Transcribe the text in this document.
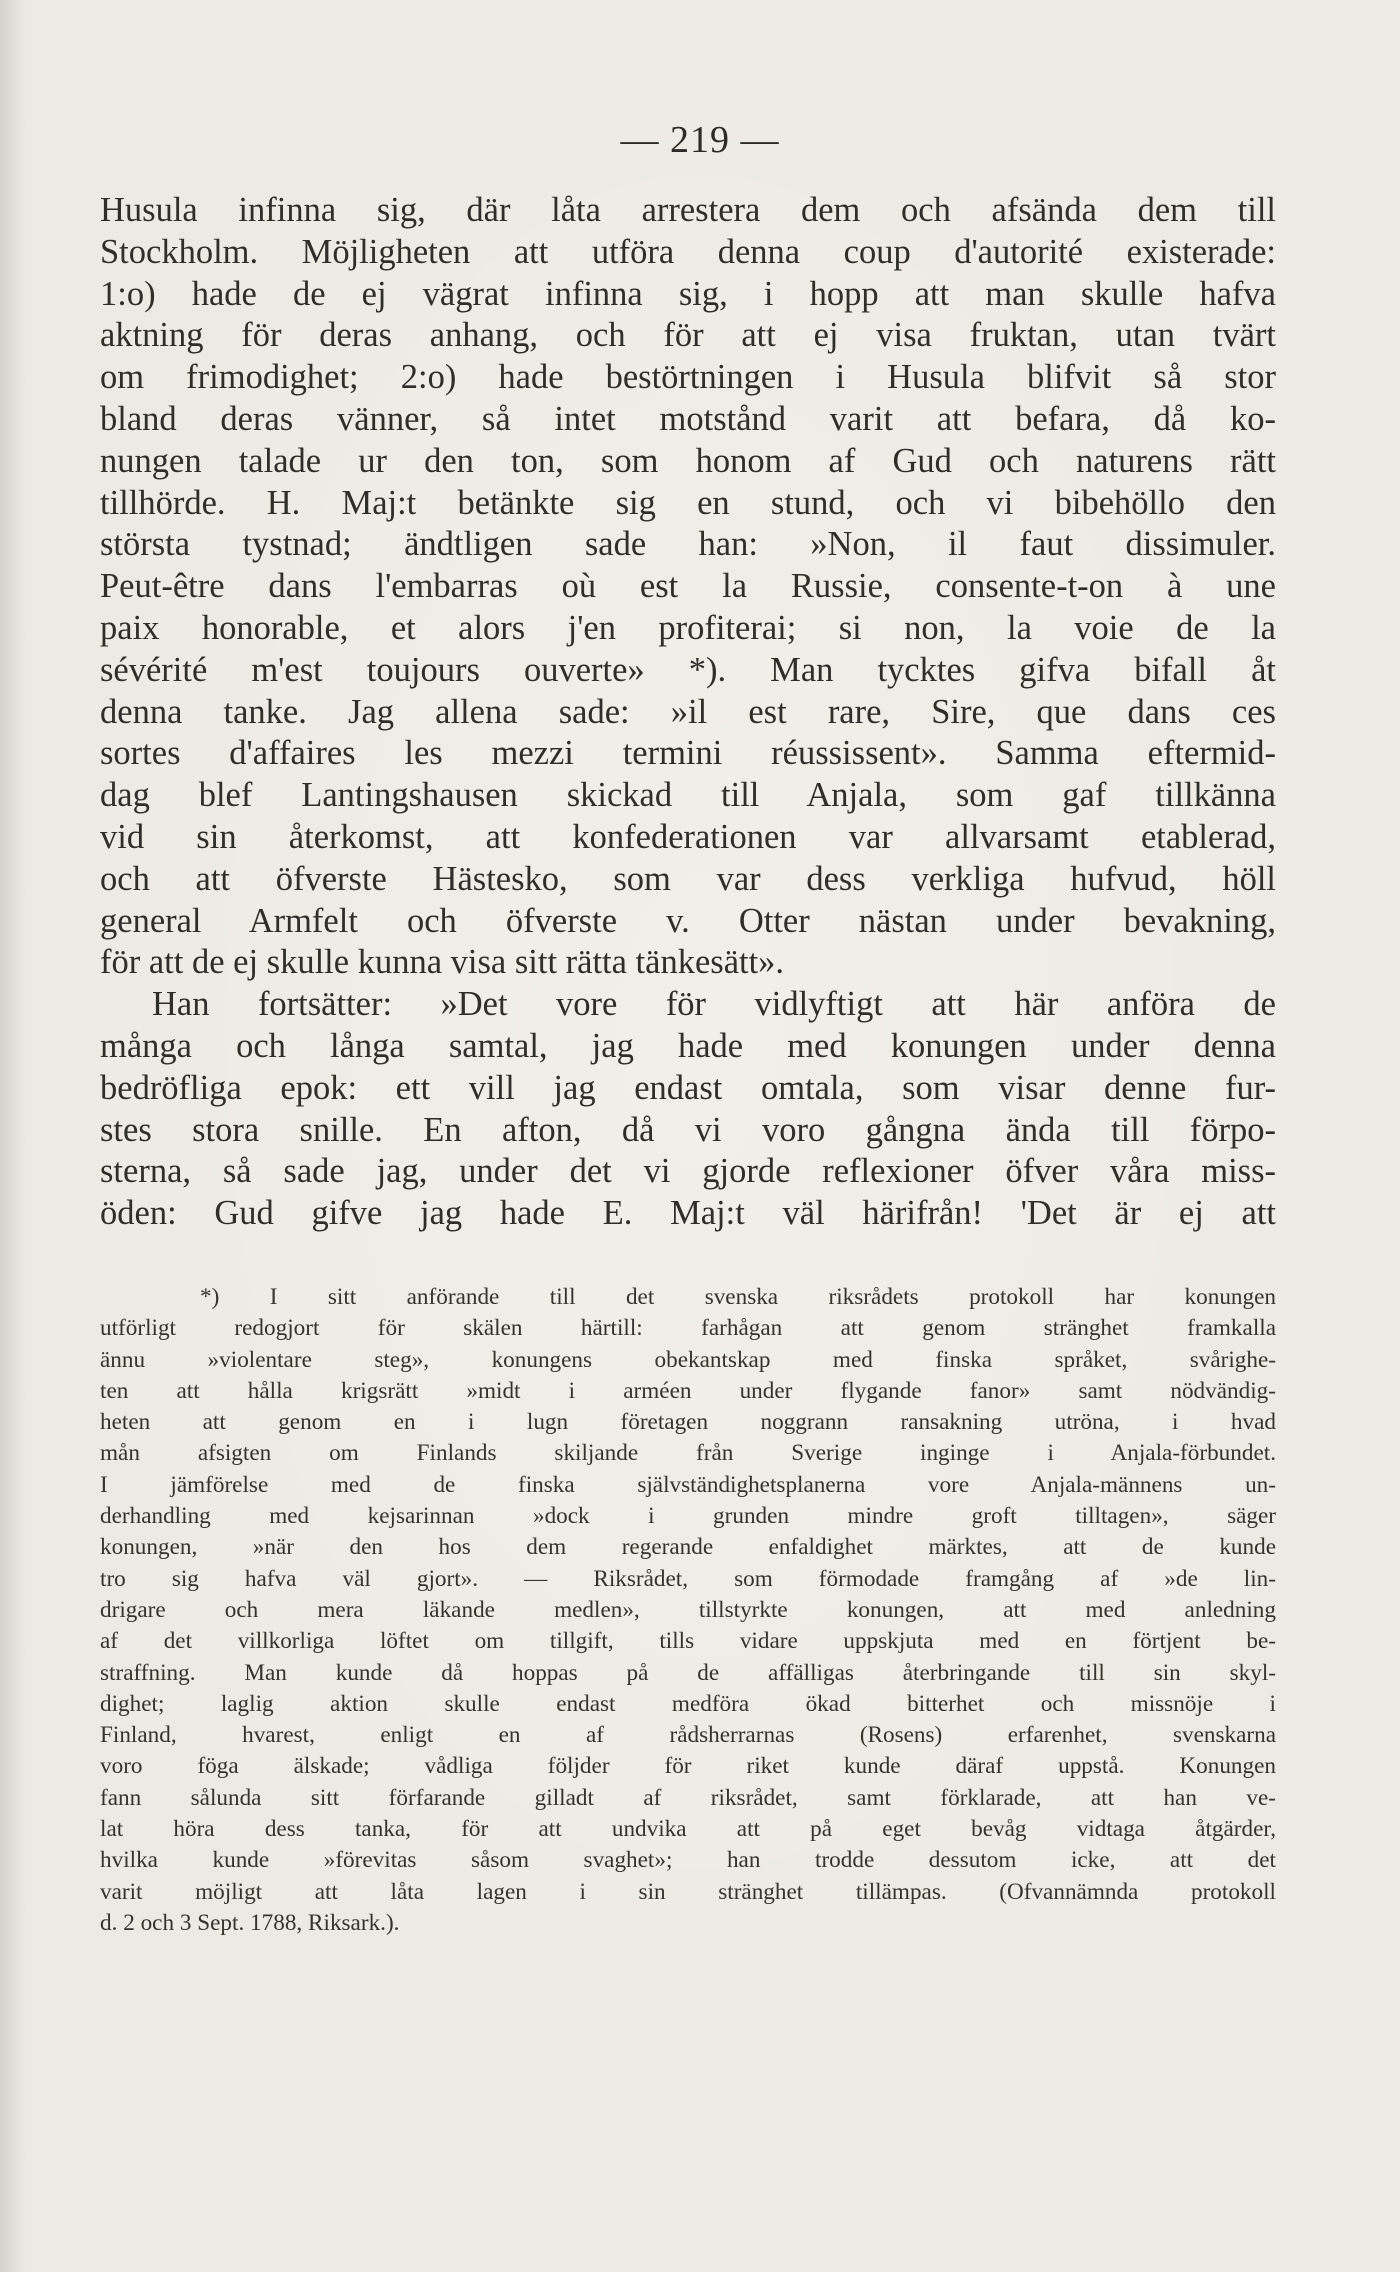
— 219 —
Husula infinna sig, där låta arrestera dem och afsända dem till
Stockholm. Möjligheten att utföra denna coup d'autorité existerade:
1:o) hade de ej vägrat infinna sig, i hopp att man skulle hafva
aktning för deras anhang, och för att ej visa fruktan, utan tvärt
om frimodighet; 2:o) hade bestörtningen i Husula blifvit så stor
bland deras vänner, så intet motstånd varit att befara, då ko-
nungen talade ur den ton, som honom af Gud och naturens rätt
tillhörde. H. Maj:t betänkte sig en stund, och vi bibehöllo den
största tystnad; ändtligen sade han: »Non, il faut dissimuler.
Peut-être dans l'embarras où est la Russie, consente-t-on à une
paix honorable, et alors j'en profiterai; si non, la voie de la
sévérité m'est toujours ouverte» *). Man tycktes gifva bifall åt
denna tanke. Jag allena sade: »il est rare, Sire, que dans ces
sortes d'affaires les mezzi termini réussissent». Samma eftermid-
dag blef Lantingshausen skickad till Anjala, som gaf tillkänna
vid sin återkomst, att konfederationen var allvarsamt etablerad,
och att öfverste Hästesko, som var dess verkliga hufvud, höll
general Armfelt och öfverste v. Otter nästan under bevakning,
för att de ej skulle kunna visa sitt rätta tänkesätt».
Han fortsätter: »Det vore för vidlyftigt att här anföra de
många och långa samtal, jag hade med konungen under denna
bedröfliga epok: ett vill jag endast omtala, som visar denne fur-
stes stora snille. En afton, då vi voro gångna ända till förpo-
sterna, så sade jag, under det vi gjorde reflexioner öfver våra miss-
öden: Gud gifve jag hade E. Maj:t väl härifrån! 'Det är ej att
*) I sitt anförande till det svenska riksrådets protokoll har konungen
utförligt redogjort för skälen härtill: farhågan att genom stränghet framkalla
ännu »violentare steg», konungens obekantskap med finska språket, svårighe-
ten att hålla krigsrätt »midt i arméen under flygande fanor» samt nödvändig-
heten att genom en i lugn företagen noggrann ransakning utröna, i hvad
mån afsigten om Finlands skiljande från Sverige inginge i Anjala-förbundet.
I jämförelse med de finska självständighetsplanerna vore Anjala-männens un-
derhandling med kejsarinnan »dock i grunden mindre groft tilltagen», säger
konungen, »när den hos dem regerande enfaldighet märktes, att de kunde
tro sig hafva väl gjort». — Riksrådet, som förmodade framgång af »de lin-
drigare och mera läkande medlen», tillstyrkte konungen, att med anledning
af det villkorliga löftet om tillgift, tills vidare uppskjuta med en förtjent be-
straffning. Man kunde då hoppas på de affälligas återbringande till sin skyl-
dighet; laglig aktion skulle endast medföra ökad bitterhet och missnöje i
Finland, hvarest, enligt en af rådsherrarnas (Rosens) erfarenhet, svenskarna
voro föga älskade; vådliga följder för riket kunde däraf uppstå. Konungen
fann sålunda sitt förfarande gilladt af riksrådet, samt förklarade, att han ve-
lat höra dess tanka, för att undvika att på eget bevåg vidtaga åtgärder,
hvilka kunde »förevitas såsom svaghet»; han trodde dessutom icke, att det
varit möjligt att låta lagen i sin stränghet tillämpas. (Ofvannämnda protokoll
d. 2 och 3 Sept. 1788, Riksark.).
